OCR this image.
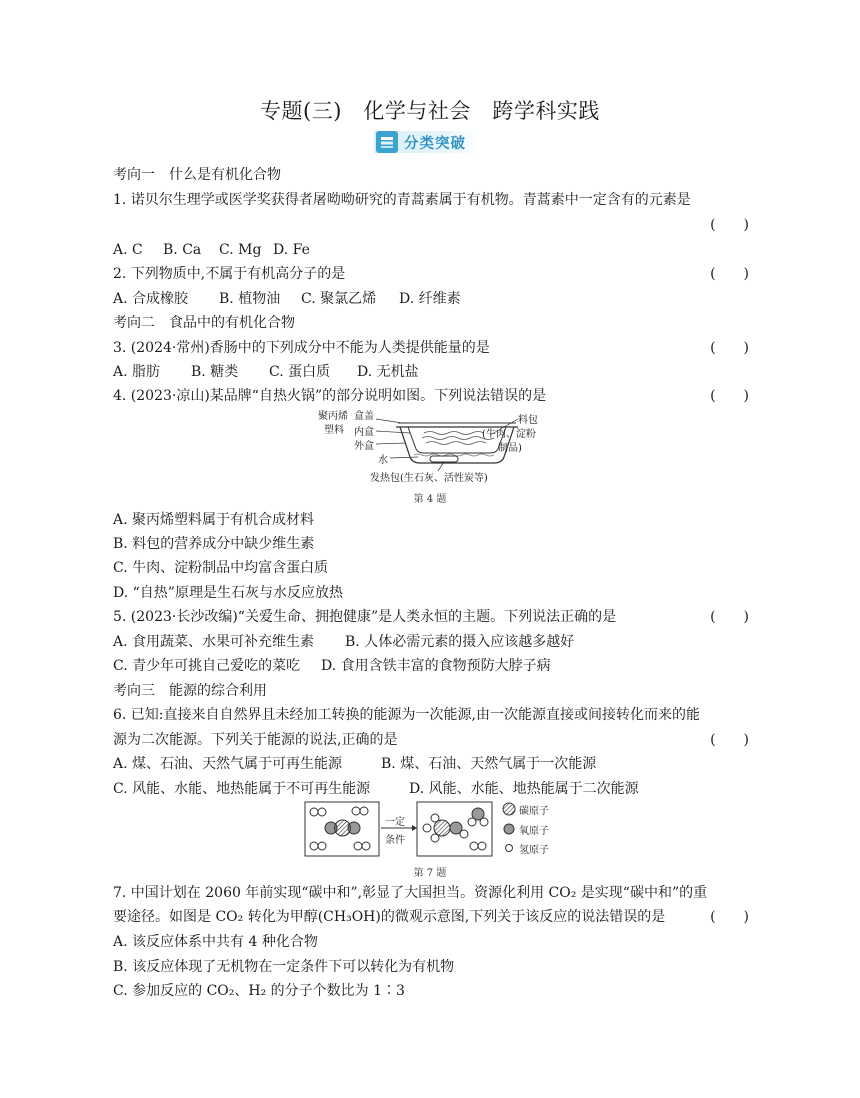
专题(三)　化学与社会　跨学科实践
分类突破
考向一　什么是有机化合物
1. 诺贝尔生理学或医学奖获得者屠呦呦研究的青蒿素属于有机物。青蒿素中一定含有的元素是
(　　)
A. C B. Ca C. Mg D. Fe
2. 下列物质中,不属于有机高分子的是	(　　)
A. 合成橡胶 B. 植物油 C. 聚氯乙烯 D. 纤维素
考向二　食品中的有机化合物
3. (2024·常州)香肠中的下列成分中不能为人类提供能量的是	(　　)
A. 脂肪 B. 糖类 C. 蛋白质 D. 无机盐
4. (2023·凉山)某品牌“自热火锅”的部分说明如图。下列说法错误的是	(　　)
聚丙烯
塑料
盒盖
内盒
外盒
水
料包
(牛肉、淀粉
制品)
发热包(生石灰、活性炭等)
第 4 题
A. 聚丙烯塑料属于有机合成材料
B. 料包的营养成分中缺少维生素
C. 牛肉、淀粉制品中均富含蛋白质
D. “自热”原理是生石灰与水反应放热
5. (2023·长沙改编)“关爱生命、拥抱健康”是人类永恒的主题。下列说法正确的是	(　　)
A. 食用蔬菜、水果可补充维生素 B. 人体必需元素的摄入应该越多越好
C. 青少年可挑自己爱吃的菜吃 D. 食用含铁丰富的食物预防大脖子病
考向三　能源的综合利用
6. 已知:直接来自自然界且未经加工转换的能源为一次能源,由一次能源直接或间接转化而来的能
源为二次能源。下列关于能源的说法,正确的是	(　　)
A. 煤、石油、天然气属于可再生能源	B. 煤、石油、天然气属于一次能源
C. 风能、水能、地热能属于不可再生能源	D. 风能、水能、地热能属于二次能源
一定
条件
碳原子
氧原子
氢原子
第 7 题
7. 中国计划在 2060 年前实现“碳中和”,彰显了大国担当。资源化利用 CO₂ 是实现“碳中和”的重
要途径。如图是 CO₂ 转化为甲醇(CH₃OH)的微观示意图,下列关于该反应的说法错误的是	(　　)
A. 该反应体系中共有 4 种化合物
B. 该反应体现了无机物在一定条件下可以转化为有机物
C. 参加反应的 CO₂、H₂ 的分子个数比为 1∶3
